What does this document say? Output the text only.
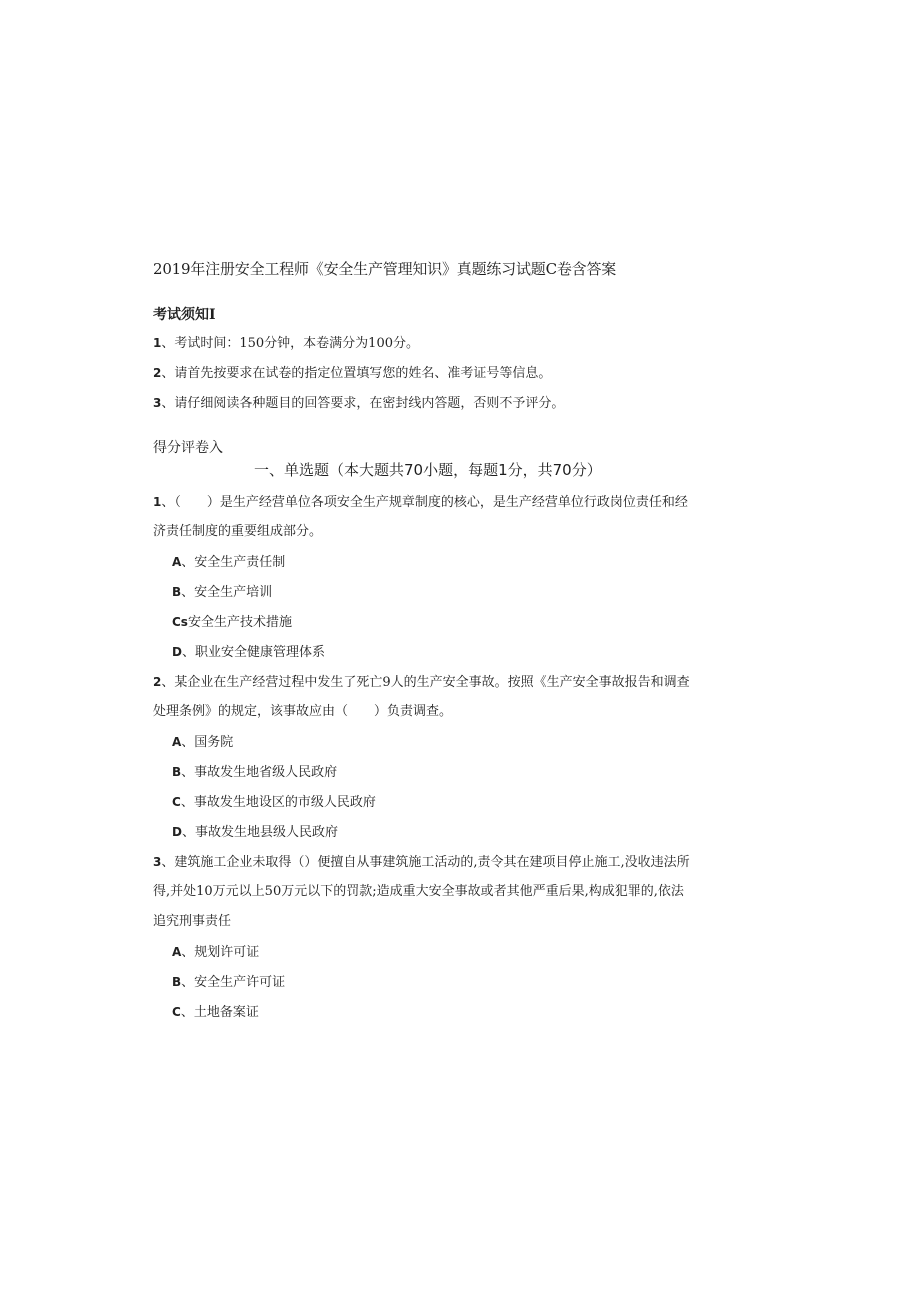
2019年注册安全工程师《安全生产管理知识》真题练习试题C卷含答案
考试须知I
1、考试时间：150分钟，本卷满分为100分。
2、请首先按要求在试卷的指定位置填写您的姓名、准考证号等信息。
3、请仔细阅读各种题目的回答要求，在密封线内答题，否则不予评分。
得分评卷入
一、单选题（本大题共70小题，每题1分，共70分）
1、（　　）是生产经营单位各项安全生产规章制度的核心，是生产经营单位行政岗位责任和经
济责任制度的重要组成部分。
A、安全生产责任制
B、安全生产培训
Cs安全生产技术措施
D、职业安全健康管理体系
2、某企业在生产经营过程中发生了死亡9人的生产安全事故。按照《生产安全事故报告和调查
处理条例》的规定，该事故应由（　　）负责调查。
A、国务院
B、事故发生地省级人民政府
C、事故发生地设区的市级人民政府
D、事故发生地县级人民政府
3、建筑施工企业未取得（）便擅自从事建筑施工活动的,责令其在建项目停止施工,没收违法所
得,并处10万元以上50万元以下的罚款;造成重大安全事故或者其他严重后果,构成犯罪的,依法
追究刑事责任
A、规划许可证
B、安全生产许可证
C、土地备案证
